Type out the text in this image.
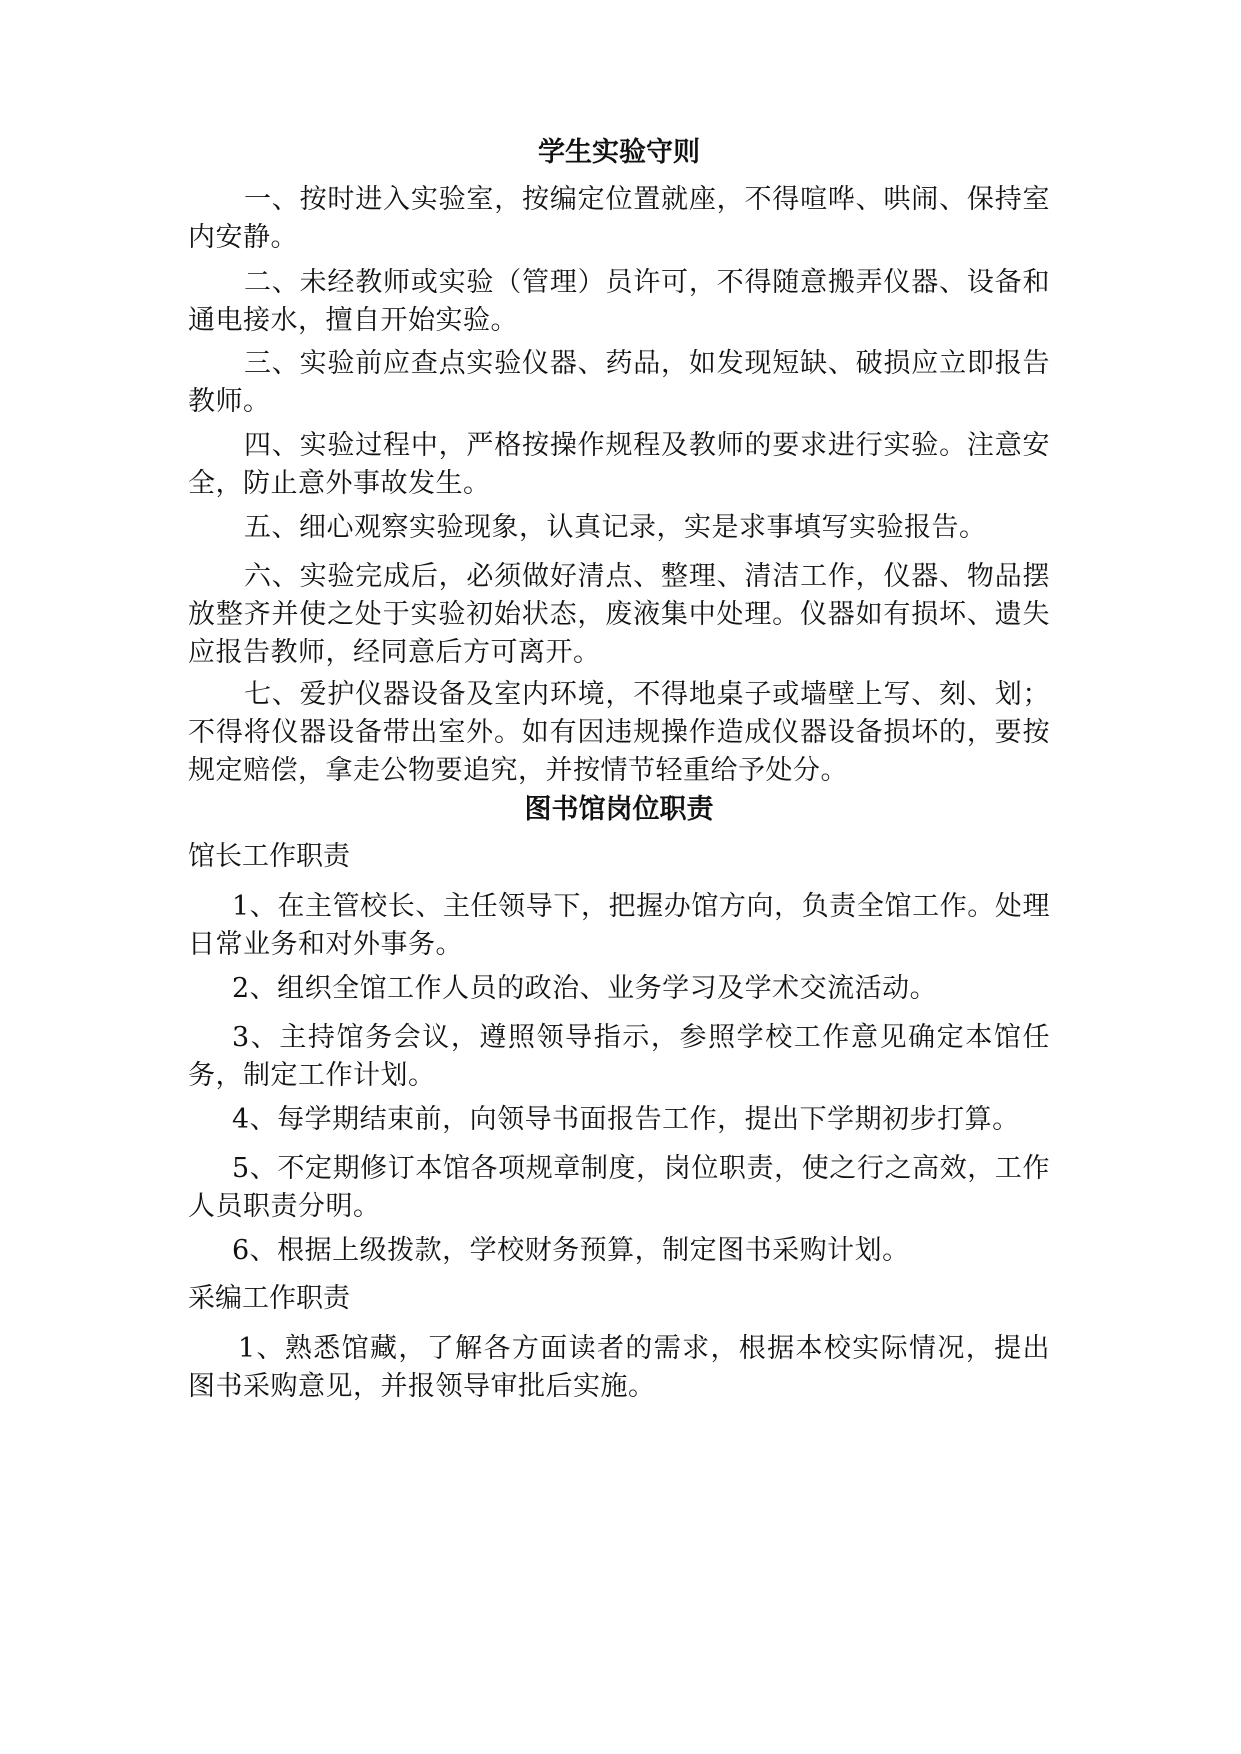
学生实验守则

一、按时进入实验室，按编定位置就座，不得喧哗、哄闹、保持室内安静。

二、未经教师或实验（管理）员许可，不得随意搬弄仪器、设备和通电接水，擅自开始实验。

三、实验前应查点实验仪器、药品，如发现短缺、破损应立即报告教师。

四、实验过程中，严格按操作规程及教师的要求进行实验。注意安全，防止意外事故发生。

五、细心观察实验现象，认真记录，实是求事填写实验报告。

六、实验完成后，必须做好清点、整理、清洁工作，仪器、物品摆放整齐并使之处于实验初始状态，废液集中处理。仪器如有损坏、遗失应报告教师，经同意后方可离开。

七、爱护仪器设备及室内环境，不得地桌子或墙壁上写、刻、划；不得将仪器设备带出室外。如有因违规操作造成仪器设备损坏的，要按规定赔偿，拿走公物要追究，并按情节轻重给予处分。

图书馆岗位职责

馆长工作职责

1、在主管校长、主任领导下，把握办馆方向，负责全馆工作。处理日常业务和对外事务。

2、组织全馆工作人员的政治、业务学习及学术交流活动。

3、主持馆务会议，遵照领导指示，参照学校工作意见确定本馆任务，制定工作计划。

4、每学期结束前，向领导书面报告工作，提出下学期初步打算。

5、不定期修订本馆各项规章制度，岗位职责，使之行之高效，工作人员职责分明。

6、根据上级拨款，学校财务预算，制定图书采购计划。

采编工作职责

1、熟悉馆藏，了解各方面读者的需求，根据本校实际情况，提出图书采购意见，并报领导审批后实施。
